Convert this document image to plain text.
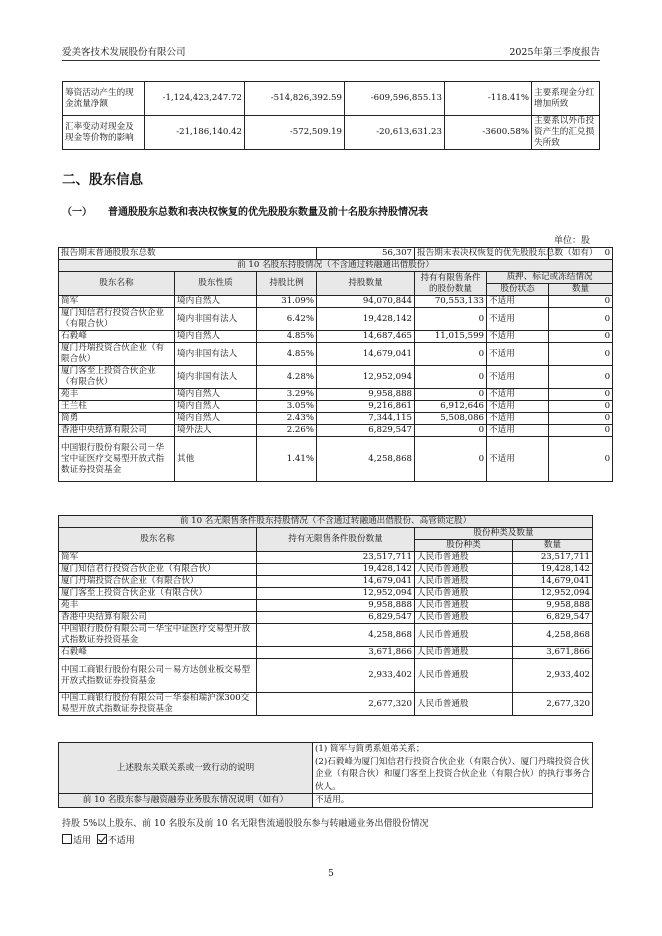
爱美客技术发展股份有限公司	2025年第三季度报告
筹资活动产生的现金流量净额	-1,124,423,247.72	-514,826,392.59	-609,596,855.13	-118.41%	主要系现金分红增加所致
汇率变动对现金及现金等价物的影响	-21,186,140.42	-572,509.19	-20,613,631.23	-3600.58%	主要系以外币投资产生的汇兑损失所致
二、股东信息
（一） 普通股股东总数和表决权恢复的优先股股东数量及前十名股东持股情况表
单位：股
报告期末普通股股东总数			56,307	报告期末表决权恢复的优先股股东总数（如有）		0
前 10 名股东持股情况（不含通过转融通出借股份）						
股东名称	股东性质	持股比例	持股数量	持有有限售条件的股份数量	质押、标记或冻结情况	
					股份状态	数量
简军	境内自然人	31.09%	94,070,844	70,553,133	不适用	0
厦门知信君行投资合伙企业（有限合伙）	境内非国有法人	6.42%	19,428,142	0	不适用	0
石毅峰	境内自然人	4.85%	14,687,465	11,015,599	不适用	0
厦门丹瑞投资合伙企业（有限合伙）	境内非国有法人	4.85%	14,679,041	0	不适用	0
厦门客至上投资合伙企业（有限合伙）	境内非国有法人	4.28%	12,952,094	0	不适用	0
苑丰	境内自然人	3.29%	9,958,888	0	不适用	0
王兰柱	境内自然人	3.05%	9,216,861	6,912,646	不适用	0
简勇	境内自然人	2.43%	7,344,115	5,508,086	不适用	0
香港中央结算有限公司	境外法人	2.26%	6,829,547	0	不适用	0
中国银行股份有限公司－华宝中证医疗交易型开放式指数证券投资基金	其他	1.41%	4,258,868	0	不适用	0
前 10 名无限售条件股东持股情况（不含通过转融通出借股份、高管锁定股）			
股东名称	持有无限售条件股份数量	股份种类及数量	
		股份种类	数量
简军	23,517,711	人民币普通股	23,517,711
厦门知信君行投资合伙企业（有限合伙）	19,428,142	人民币普通股	19,428,142
厦门丹瑞投资合伙企业（有限合伙）	14,679,041	人民币普通股	14,679,041
厦门客至上投资合伙企业（有限合伙）	12,952,094	人民币普通股	12,952,094
苑丰	9,958,888	人民币普通股	9,958,888
香港中央结算有限公司	6,829,547	人民币普通股	6,829,547
中国银行股份有限公司－华宝中证医疗交易型开放式指数证券投资基金	4,258,868	人民币普通股	4,258,868
石毅峰	3,671,866	人民币普通股	3,671,866
中国工商银行股份有限公司－易方达创业板交易型开放式指数证券投资基金	2,933,402	人民币普通股	2,933,402
中国工商银行股份有限公司－华泰柏瑞沪深300交易型开放式指数证券投资基金	2,677,320	人民币普通股	2,677,320
上述股东关联关系或一致行动的说明	(1) 简军与简勇系姐弟关系；
(2)石毅峰为厦门知信君行投资合伙企业（有限合伙）、厦门丹瑞投资合伙企业（有限合伙）和厦门客至上投资合伙企业（有限合伙）的执行事务合伙人。

前 10 名股东参与融资融券业务股东情况说明（如有）	不适用。
持股 5%以上股东、前 10 名股东及前 10 名无限售流通股股东参与转融通业务出借股份情况
适用 不适用
5
